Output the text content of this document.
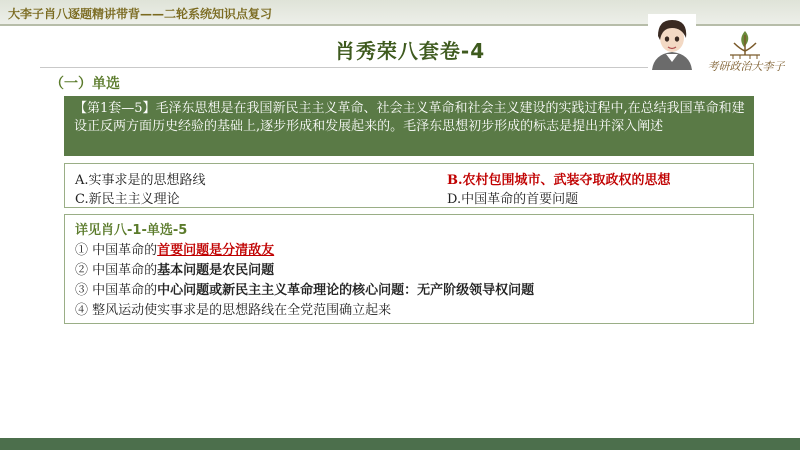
大李子肖八逐题精讲带背——二轮系统知识点复习
肖秀荣八套卷-4
考研政治大李子
（一）单选
【第1套—5】毛泽东思想是在我国新民主主义革命、社会主义革命和社会主义建设的实践过程中,在总结我国革命和建设正反两方面历史经验的基础上,逐步形成和发展起来的。毛泽东思想初步形成的标志是提出并深入阐述
A.实事求是的思想路线	B.农村包围城市、武装夺取政权的思想
C.新民主主义理论	D.中国革命的首要问题
详见肖八-1-单选-5
① 中国革命的首要问题是分清敌友
② 中国革命的基本问题是农民问题
③ 中国革命的中心问题或新民主主义革命理论的核心问题：无产阶级领导权问题
④ 整风运动使实事求是的思想路线在全党范围确立起来
